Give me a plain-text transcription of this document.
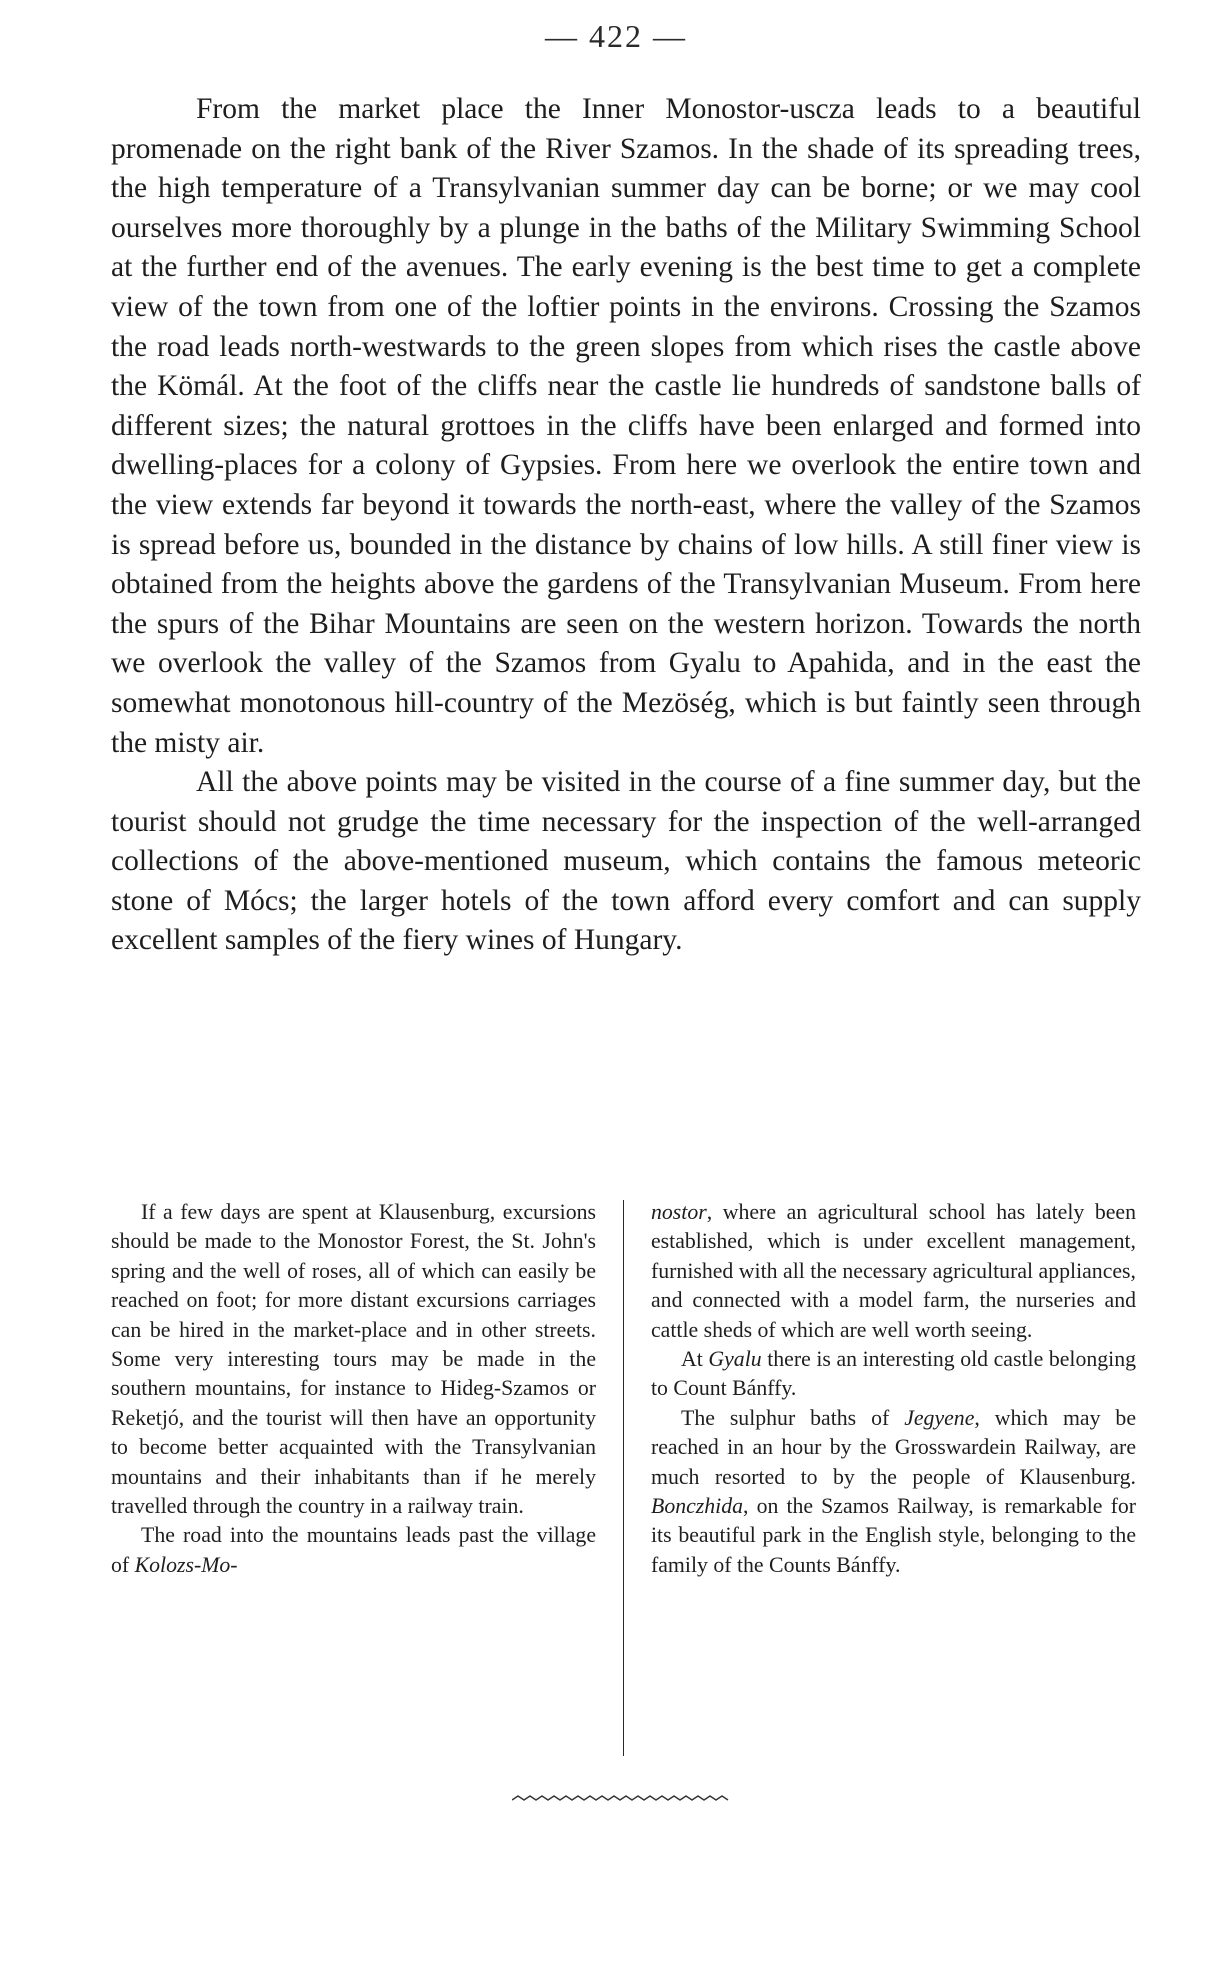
— 422 —

From the market place the Inner Monostor-uscza leads to a beautiful promenade on the right bank of the River Szamos. In the shade of its spreading trees, the high temperature of a Transylvanian summer day can be borne; or we may cool ourselves more thoroughly by a plunge in the baths of the Military Swimming School at the further end of the avenues. The early evening is the best time to get a complete view of the town from one of the loftier points in the environs. Crossing the Szamos the road leads north-westwards to the green slopes from which rises the castle above the Kömál. At the foot of the cliffs near the castle lie hundreds of sandstone balls of different sizes; the natural grottoes in the cliffs have been enlarged and formed into dwelling-places for a colony of Gypsies. From here we overlook the entire town and the view extends far beyond it towards the north-east, where the valley of the Szamos is spread before us, bounded in the distance by chains of low hills. A still finer view is obtained from the heights above the gardens of the Transylvanian Museum. From here the spurs of the Bihar Mountains are seen on the western horizon. Towards the north we overlook the valley of the Szamos from Gyalu to Apahida, and in the east the somewhat monotonous hill-country of the Mezöség, which is but faintly seen through the misty air.

All the above points may be visited in the course of a fine summer day, but the tourist should not grudge the time necessary for the inspection of the well-arranged collections of the above-mentioned museum, which contains the famous meteoric stone of Mócs; the larger hotels of the town afford every comfort and can supply excellent samples of the fiery wines of Hungary.

If a few days are spent at Klausenburg, excursions should be made to the Monostor Forest, the St. John's spring and the well of roses, all of which can easily be reached on foot; for more distant excursions carriages can be hired in the market-place and in other streets. Some very interesting tours may be made in the southern mountains, for instance to Hideg-Szamos or Reketjó, and the tourist will then have an opportunity to become better acquainted with the Transylvanian mountains and their inhabitants than if he merely travelled through the country in a railway train.

The road into the mountains leads past the village of Kolozs-Mo-

nostor, where an agricultural school has lately been established, which is under excellent management, furnished with all the necessary agricultural appliances, and connected with a model farm, the nurseries and cattle sheds of which are well worth seeing.

At Gyalu there is an interesting old castle belonging to Count Bánffy.

The sulphur baths of Jegyene, which may be reached in an hour by the Grosswardein Railway, are much resorted to by the people of Klausenburg. Bonczhida, on the Szamos Railway, is remarkable for its beautiful park in the English style, belonging to the family of the Counts Bánffy.
